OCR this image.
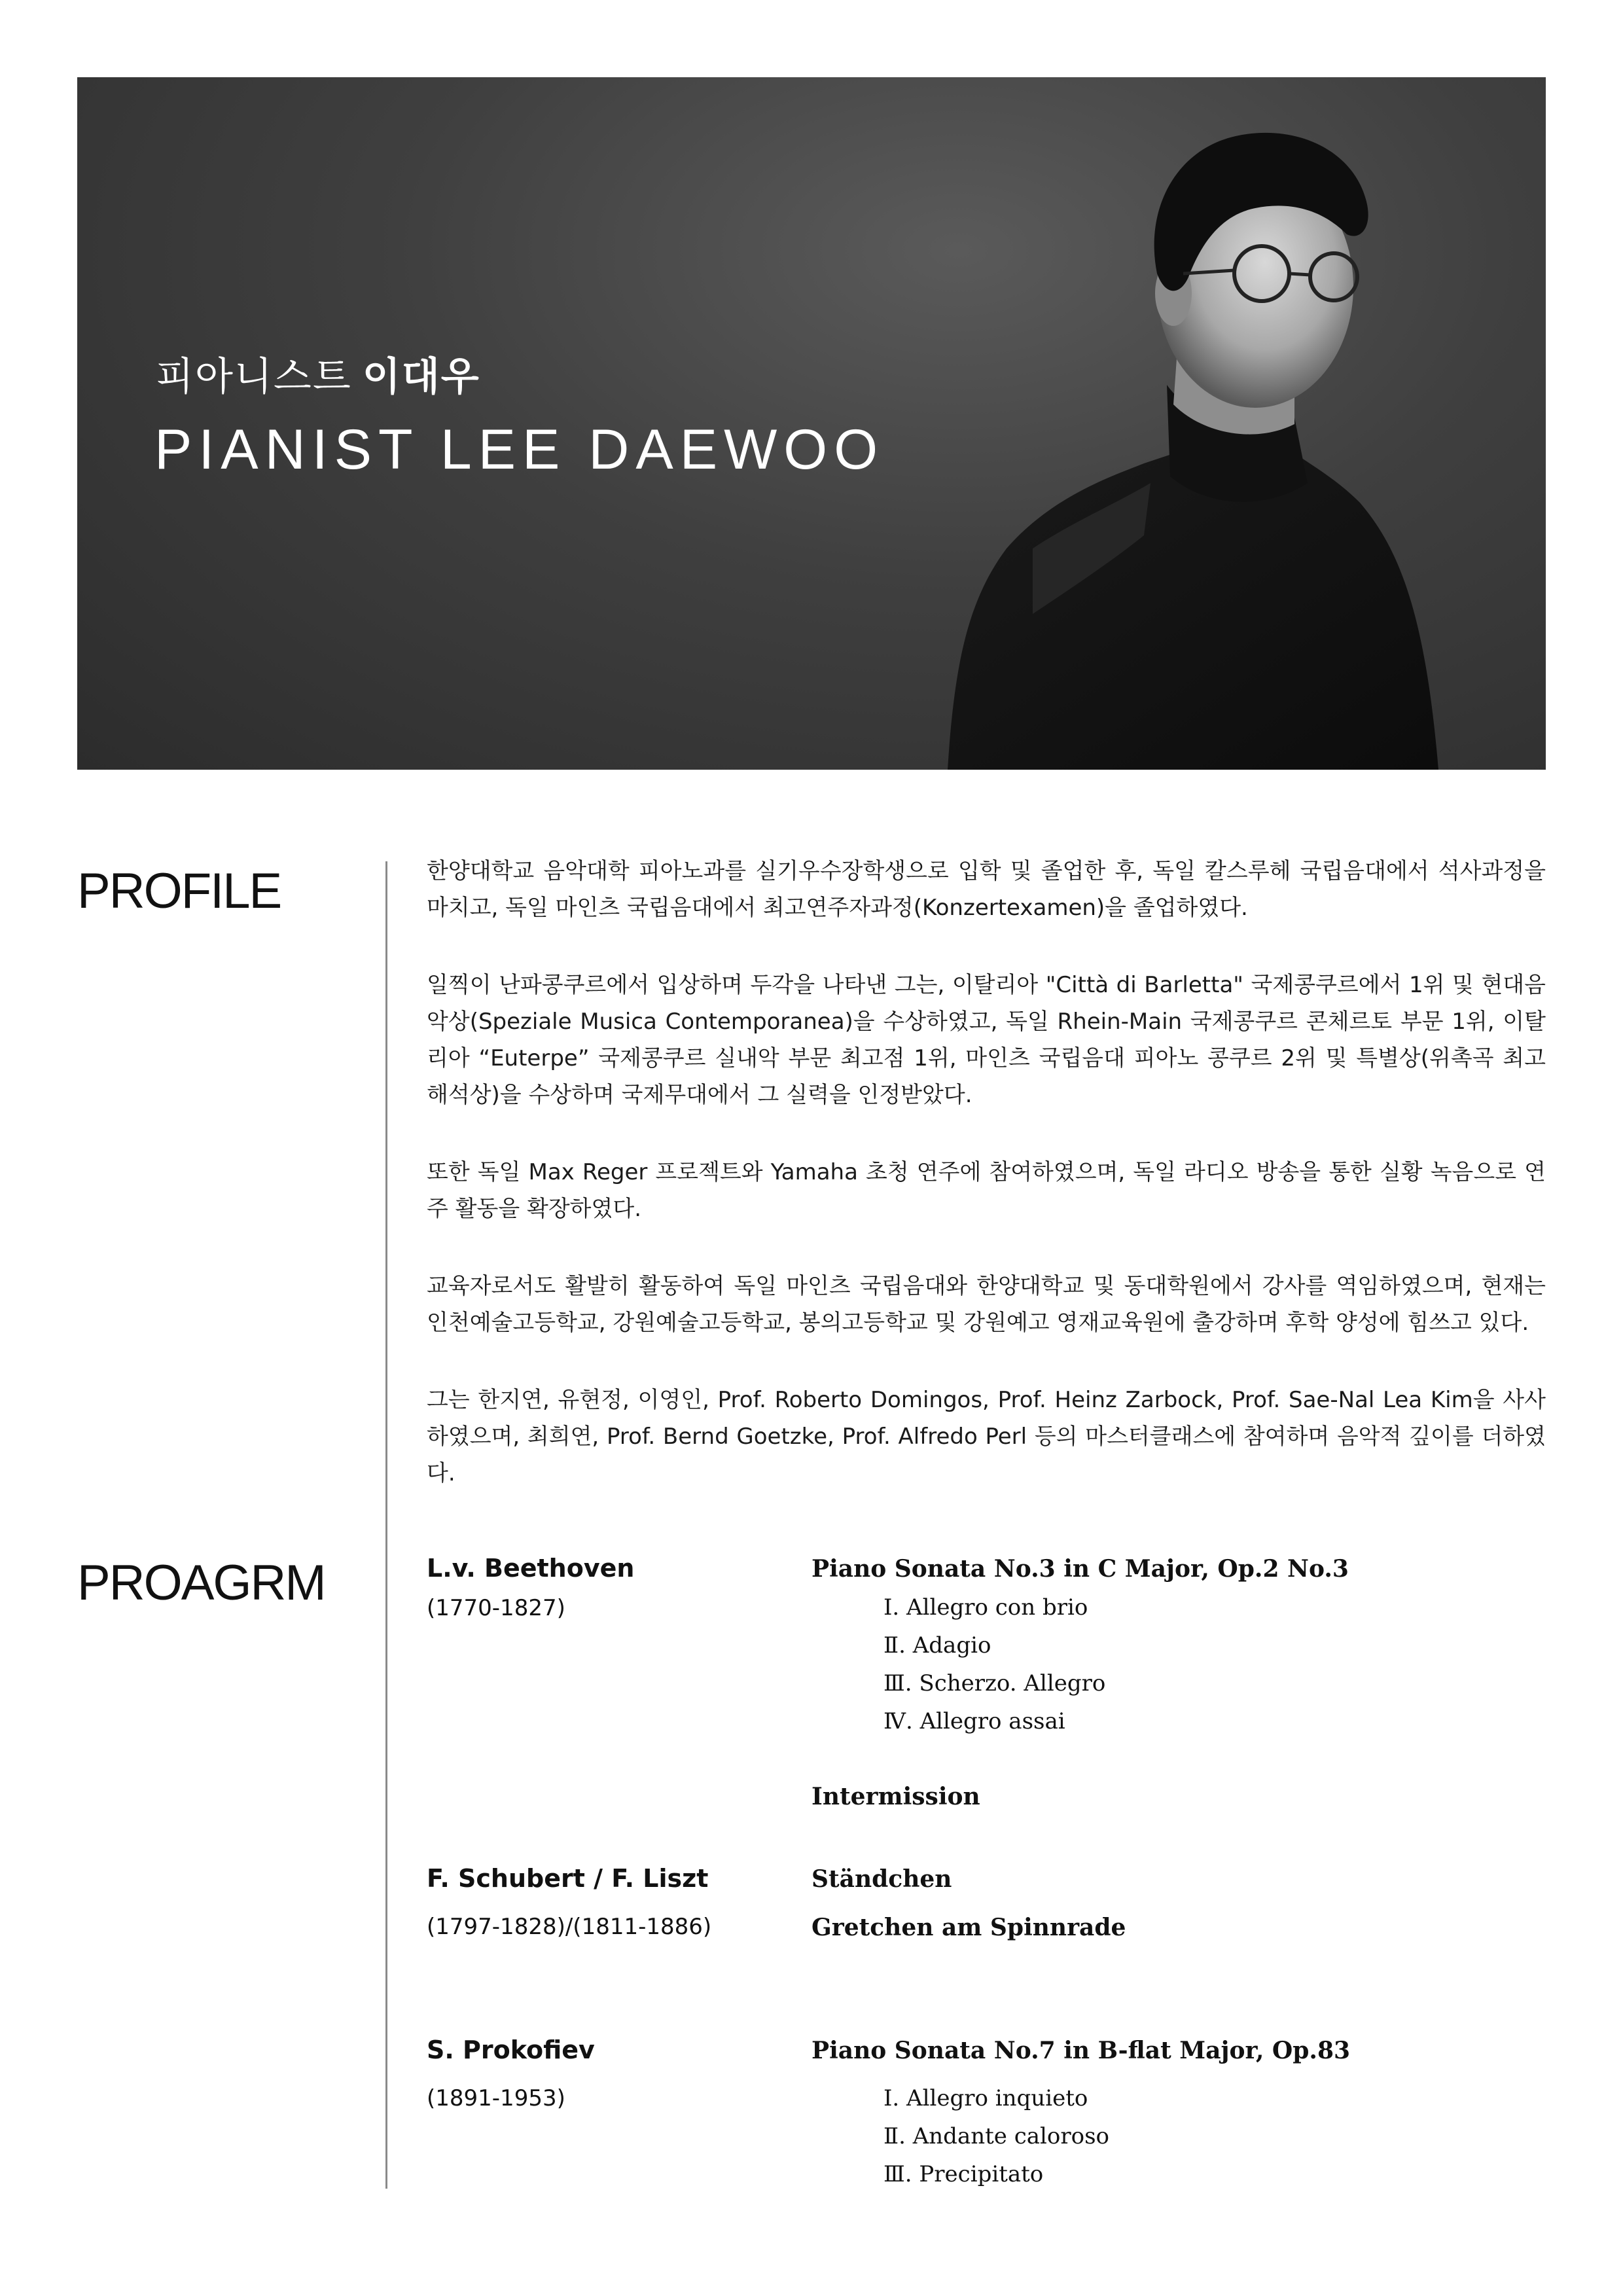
피아니스트 이대우
PIANIST LEE DAEWOO
PROFILE	한양대학교 음악대학 피아노과를 실기우수장학생으로 입학 및 졸업한 후, 독일 칼스루헤 국립음대에서 석사과정을 마치고, 독일 마인츠 국립음대에서 최고연주자과정(Konzertexamen)을 졸업하였다.

일찍이 난파콩쿠르에서 입상하며 두각을 나타낸 그는, 이탈리아 "Città di Barletta" 국제콩쿠르에서 1위 및 현대음악상(Speziale Musica Contemporanea)을 수상하였고, 독일 Rhein-Main 국제콩쿠르 콘체르토 부문 1위, 이탈리아 “Euterpe” 국제콩쿠르 실내악 부문 최고점 1위, 마인츠 국립음대 피아노 콩쿠르 2위 및 특별상(위촉곡 최고 해석상)을 수상하며 국제무대에서 그 실력을 인정받았다.

또한 독일 Max Reger 프로젝트와 Yamaha 초청 연주에 참여하였으며, 독일 라디오 방송을 통한 실황 녹음으로 연주 활동을 확장하였다.

교육자로서도 활발히 활동하여 독일 마인츠 국립음대와 한양대학교 및 동대학원에서 강사를 역임하였으며, 현재는 인천예술고등학교, 강원예술고등학교, 봉의고등학교 및 강원예고 영재교육원에 출강하며 후학 양성에 힘쓰고 있다.

그는 한지연, 유현정, 이영인, Prof. Roberto Domingos, Prof. Heinz Zarbock, Prof. Sae-Nal Lea Kim을 사사하였으며, 최희연, Prof. Bernd Goetzke, Prof. Alfredo Perl 등의 마스터클래스에 참여하며 음악적 깊이를 더하였다.

PROAGRM	L.v. Beethoven
(1770-1827)
Piano Sonata No.3 in C Major, Op.2 No.3
Ⅰ. Allegro con brio
Ⅱ. Adagio
Ⅲ. Scherzo. Allegro
Ⅳ. Allegro assai
Intermission
F. Schubert / F. Liszt
(1797-1828)/(1811-1886)
Ständchen
Gretchen am Spinnrade
S. Prokofiev
(1891-1953)
Piano Sonata No.7 in B-flat Major, Op.83
Ⅰ. Allegro inquieto
Ⅱ. Andante caloroso
Ⅲ. Precipitato
